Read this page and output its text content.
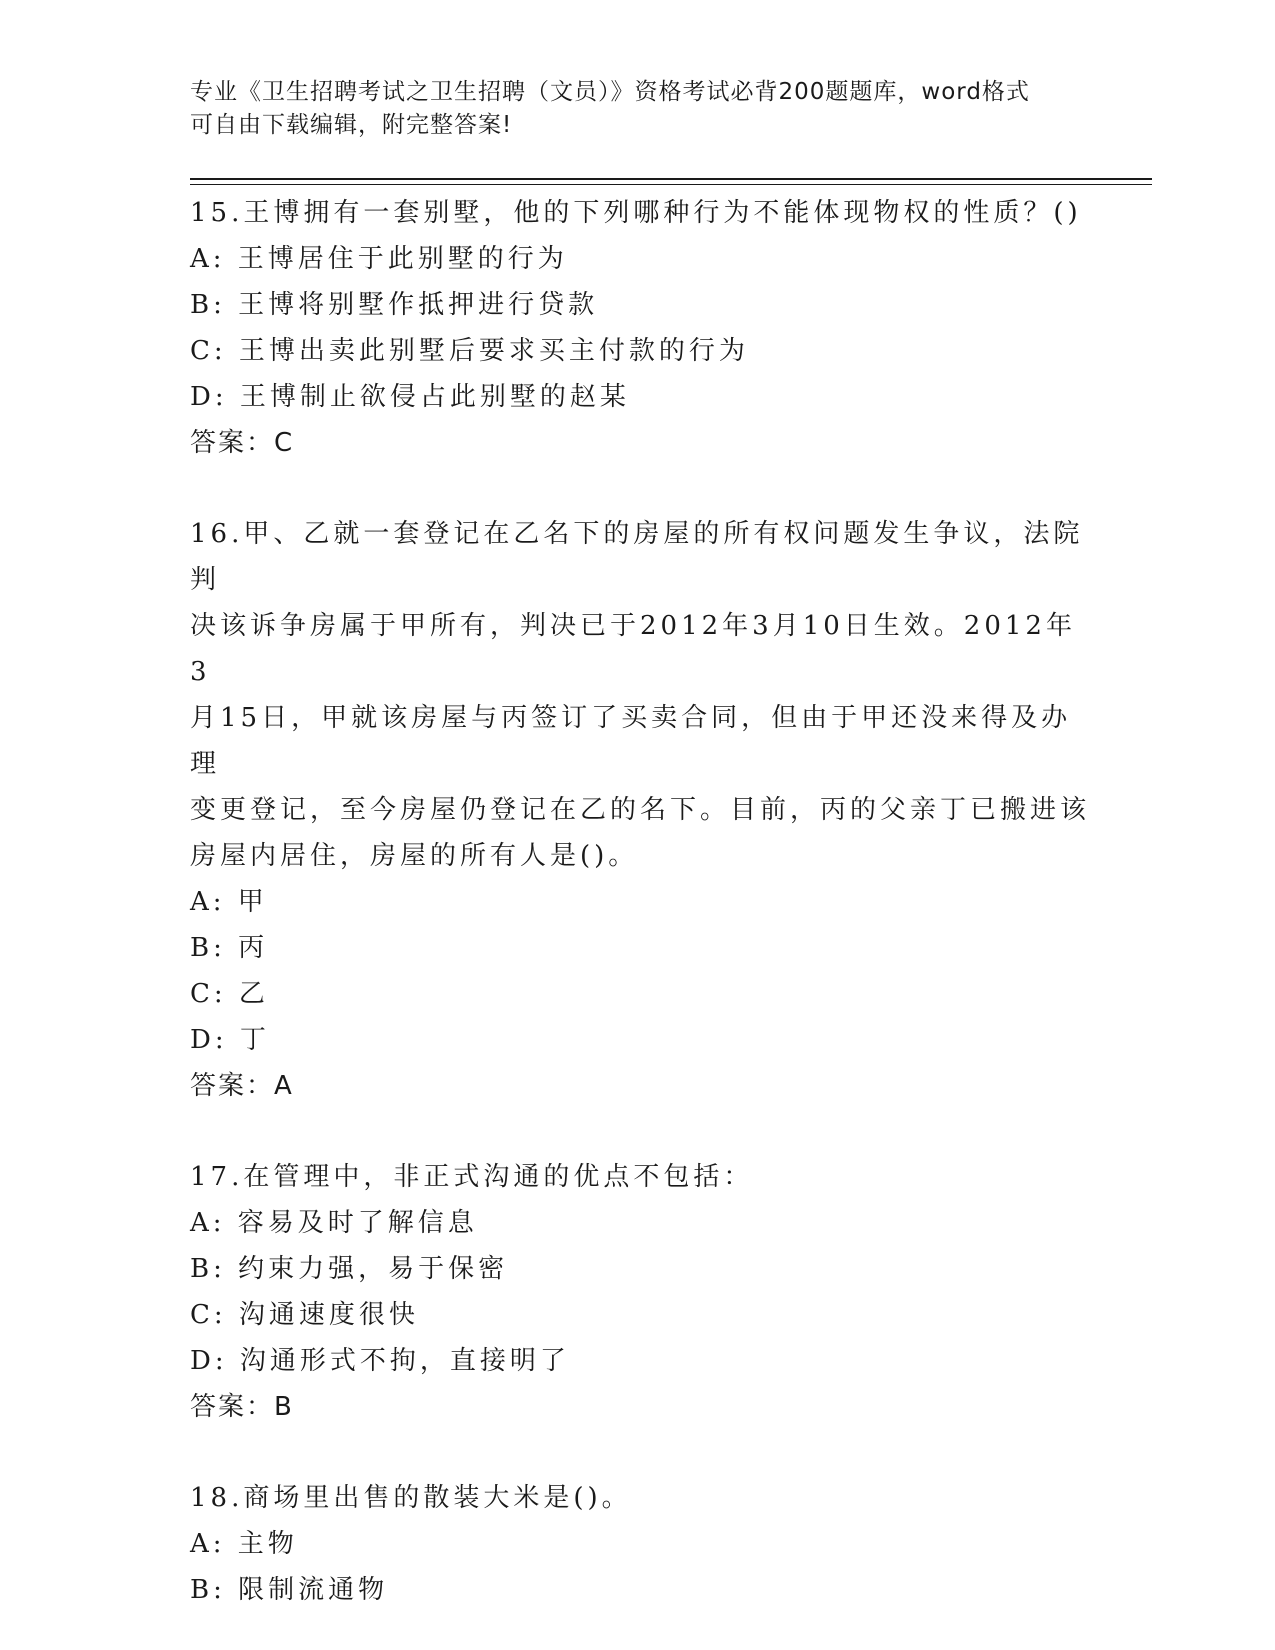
专业《卫生招聘考试之卫生招聘（文员）》资格考试必背200题题库，word格式
可自由下载编辑，附完整答案!

15.王博拥有一套别墅，他的下列哪种行为不能体现物权的性质？()

A: 王博居住于此别墅的行为

B: 王博将别墅作抵押进行贷款

C: 王博出卖此别墅后要求买主付款的行为

D: 王博制止欲侵占此别墅的赵某

答案：C

16.甲、乙就一套登记在乙名下的房屋的所有权问题发生争议，法院判

决该诉争房属于甲所有，判决已于2012年3月10日生效。2012年3

月15日，甲就该房屋与丙签订了买卖合同，但由于甲还没来得及办理

变更登记，至今房屋仍登记在乙的名下。目前，丙的父亲丁已搬进该

房屋内居住，房屋的所有人是()。

A: 甲

B: 丙

C: 乙

D: 丁

答案：A

17.在管理中，非正式沟通的优点不包括：

A: 容易及时了解信息

B: 约束力强，易于保密

C: 沟通速度很快

D: 沟通形式不拘，直接明了

答案：B

18.商场里出售的散装大米是()。

A: 主物

B: 限制流通物
